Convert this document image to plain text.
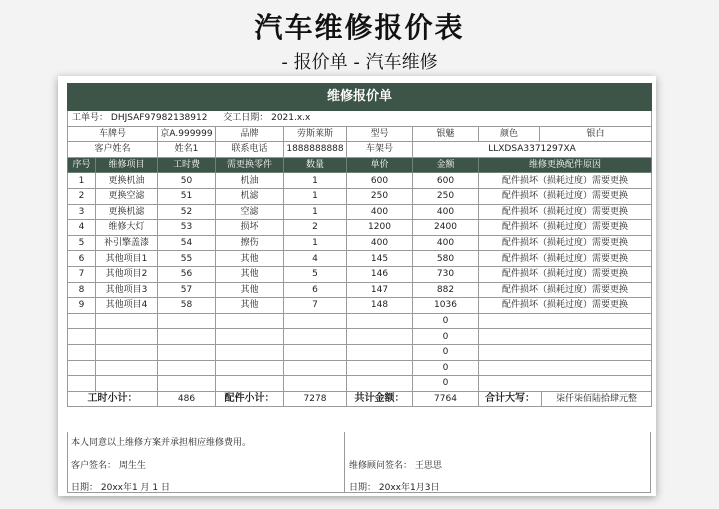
汽车维修报价表
- 报价单 - 汽车维修
维修报价单							
工单号： DHJSAF97982138912 交工日期： 2021.x.x							
车牌号		京A.999999	品牌	劳斯莱斯	型号	银魅	颜色 银白

客户姓名		姓名1	联系电话	1888888888	车架号	LLXDSA3371297XA	
序号	维修项目	工时费	需更换零件	数量	单价	金额	维修更换配件原因
1	更换机油	50	机油	1	600	600	配件损坏（损耗过度）需要更换
2	更换空滤	51	机滤	1	250	250	配件损坏（损耗过度）需要更换
3	更换机滤	52	空滤	1	400	400	配件损坏（损耗过度）需要更换
4	维修大灯	53	损坏	2	1200	2400	配件损坏（损耗过度）需要更换
5	补引擎盖漆	54	擦伤	1	400	400	配件损坏（损耗过度）需要更换
6	其他项目1	55	其他	4	145	580	配件损坏（损耗过度）需要更换
7	其他项目2	56	其他	5	146	730	配件损坏（损耗过度）需要更换
8	其他项目3	57	其他	6	147	882	配件损坏（损耗过度）需要更换
9	其他项目4	58	其他	7	148	1036	配件损坏（损耗过度）需要更换
						0	
						0	
						0	
						0	
						0	
工时小计：		486	配件小计：	7278	共计金额：	7764	合计大写： 柒仟柒佰陆拾肆元整
本人同意以上维修方案并承担相应维修费用。
客户签名： 周生生
日期： 20xx年1 月 1 日
维修顾问签名： 王思思
日期： 20xx年1月3日
